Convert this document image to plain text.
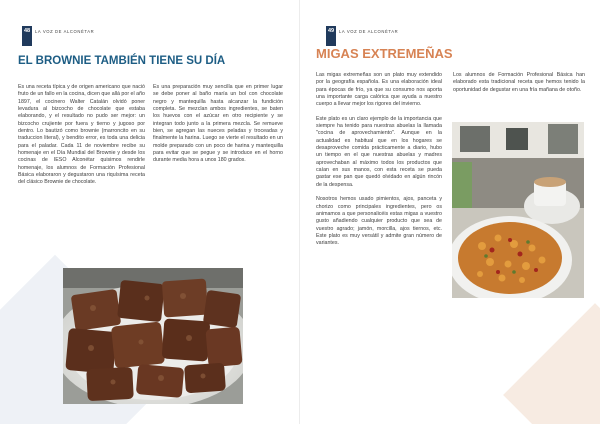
48	LA VOZ DE ALCONÉTAR
EL BROWNIE TAMBIÉN TIENE SU DÍA
Es una receta típica y de origen americano que nació fruto de un fallo en la cocina, dicen que allá por el año 1897, el cocinero Walter Catalán olvidó poner levadura al bizcocho de chocolate que estaba elaborando, y el resultado no pudo ser mejor: un bizcocho crujiente por fuera y tierno y jugoso por dentro. Lo bautizó como brownie (marroncito en su traduccion literal), y bendito error, es toda una delicia para el paladar. Cada 11 de noviembre recibe su homenaje en el Día Mundial del Brownie y desde los cocinas de IESO Alconétar quisimos rendirle homenaje, los alumnos de Formación Profesional Básica elaboraron y degustaron una riquísima receta del clásico Brownie de chocolate.
Es una preparación muy sencilla que en primer lugar se debe poner al baño maría un bol con chocolate negro y mantequilla hasta alcanzar la fundición completa. Se mezclan ambos ingredientes, se baten los huevos con el azúcar en otro recipiente y se integran todo junto a la primera mezcla. Se remueve bien, se agregan las nueces peladas y troceadas y finalmente la harina. Luego se vierte el resultado en un molde preparado con un poco de harina y mantequilla para evitar que se pegue y se introduce en el horno durante media hora a unos 180 grados.
49	LA VOZ DE ALCONÉTAR
MIGAS EXTREMEÑAS

Las migas extremeñas son un plato muy extendido por la geografía española. Es una elaboración ideal para épocas de frío, ya que su consumo nos aporta una importante carga calórica que ayuda a nuestro cuerpo a llevar mejor los rigores del invierno.

Este plato es un claro ejemplo de la importancia que siempre ha tenido para nuestras abuelas la llamada "cocina de aprovechamiento". Aunque en la actualidad es habitual que en los hogares se desaproveche comida prácticamente a diario, hubo un tiempo en el que nuestras abuelas y madres aprovechaban al máximo todos los productos que caían en sus manos, con esta receta se pueda gastar ese pan que quedó olvidado en algún rincón de la despensa.

Nosotros hemos usado pimientos, ajos, panceta y chorizo como principales ingredientes, pero os animamos a que personalicéis estas migas a vuestro gusto añadiendo cualquier producto que sea de vuestro agrado; jamón, morcilla, ajos tiernos, etc. Este plato es muy versátil y admite gran número de variantes.

Los alumnos de Formación Profesional Básica han elaborado esta tradicional receta que hemos tenido la oportunidad de degustar en una fría mañana de otoño.
